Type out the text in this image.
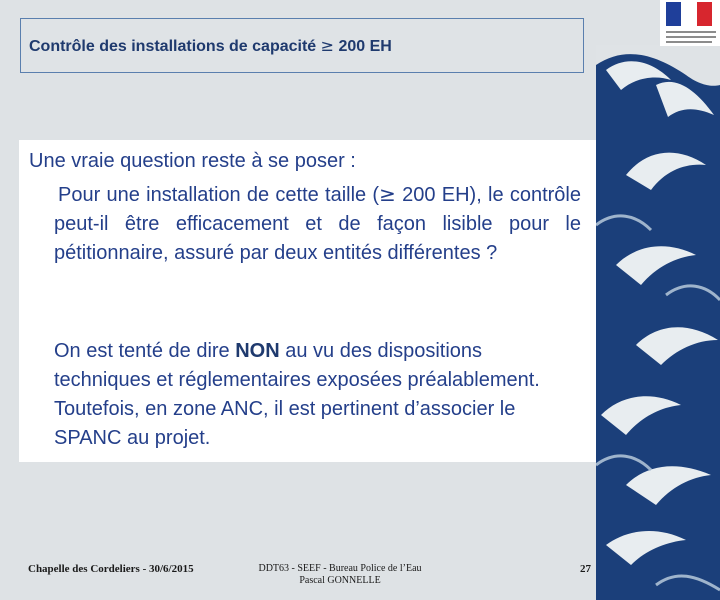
Contrôle des installations de capacité ≥ 200 EH
Une vraie question reste à se poser :
Pour une installation de cette taille (≥ 200 EH), le contrôle peut-il être efficacement et de façon lisible pour le pétitionnaire, assuré par deux entités différentes ?
On est tenté de dire NON au vu des dispositions techniques et réglementaires exposées préalablement. Toutefois, en zone ANC, il est pertinent d’associer le SPANC au projet.
Chapelle des Cordeliers - 30/6/2015	DDT63 - SEEF - Bureau Police de l’Eau
Pascal GONNELLE
27
